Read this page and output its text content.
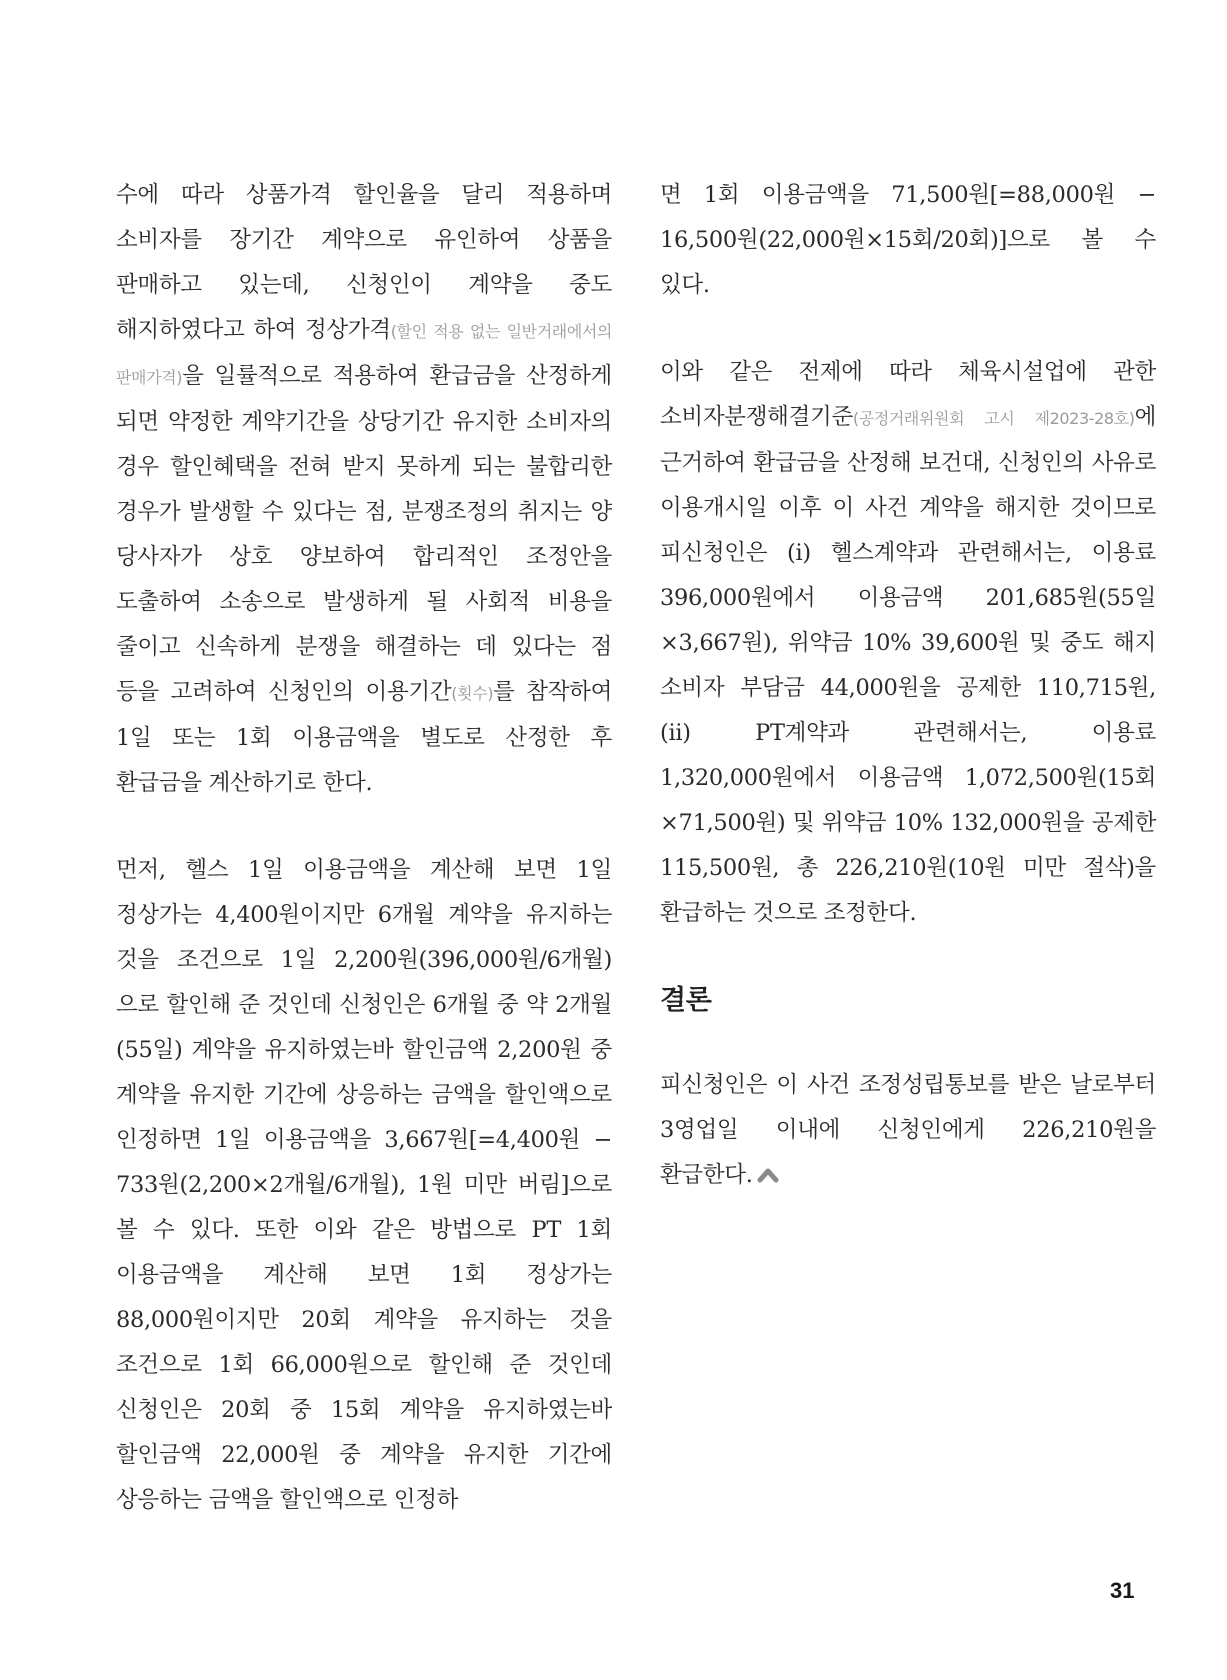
수에 따라 상품가격 할인율을 달리 적용하며 소비자를 장기간 계약으로 유인하여 상품을 판매하고 있는데, 신청인이 계약을 중도 해지하였다고 하여 정상가격(할인 적용 없는 일반거래에서의 판매가격)을 일률적으로 적용하여 환급금을 산정하게 되면 약정한 계약기간을 상당기간 유지한 소비자의 경우 할인혜택을 전혀 받지 못하게 되는 불합리한 경우가 발생할 수 있다는 점, 분쟁조정의 취지는 양 당사자가 상호 양보하여 합리적인 조정안을 도출하여 소송으로 발생하게 될 사회적 비용을 줄이고 신속하게 분쟁을 해결하는 데 있다는 점 등을 고려하여 신청인의 이용기간(횟수)를 참작하여 1일 또는 1회 이용금액을 별도로 산정한 후 환급금을 계산하기로 한다.

먼저, 헬스 1일 이용금액을 계산해 보면 1일 정상가는 4,400원이지만 6개월 계약을 유지하는 것을 조건으로 1일 2,200원(396,000원/6개월)으로 할인해 준 것인데 신청인은 6개월 중 약 2개월(55일) 계약을 유지하였는바 할인금액 2,200원 중 계약을 유지한 기간에 상응하는 금액을 할인액으로 인정하면 1일 이용금액을 3,667원[=4,400원 − 733원(2,200×2개월/6개월), 1원 미만 버림]으로 볼 수 있다. 또한 이와 같은 방법으로 PT 1회 이용금액을 계산해 보면 1회 정상가는 88,000원이지만 20회 계약을 유지하는 것을 조건으로 1회 66,000원으로 할인해 준 것인데 신청인은 20회 중 15회 계약을 유지하였는바 할인금액 22,000원 중 계약을 유지한 기간에 상응하는 금액을 할인액으로 인정하

면 1회 이용금액을 71,500원[=88,000원 − 16,500원(22,000원×15회/20회)]으로 볼 수 있다.

이와 같은 전제에 따라 체육시설업에 관한 소비자분쟁해결기준(공정거래위원회 고시 제2023-28호)에 근거하여 환급금을 산정해 보건대, 신청인의 사유로 이용개시일 이후 이 사건 계약을 해지한 것이므로 피신청인은 (i) 헬스계약과 관련해서는, 이용료 396,000원에서 이용금액 201,685원(55일×3,667원), 위약금 10% 39,600원 및 중도 해지 소비자 부담금 44,000원을 공제한 110,715원, (ii) PT계약과 관련해서는, 이용료 1,320,000원에서 이용금액 1,072,500원(15회×71,500원) 및 위약금 10% 132,000원을 공제한 115,500원, 총 226,210원(10원 미만 절삭)을 환급하는 것으로 조정한다.

결론

피신청인은 이 사건 조정성립통보를 받은 날로부터 3영업일 이내에 신청인에게 226,210원을 환급한다.

31
